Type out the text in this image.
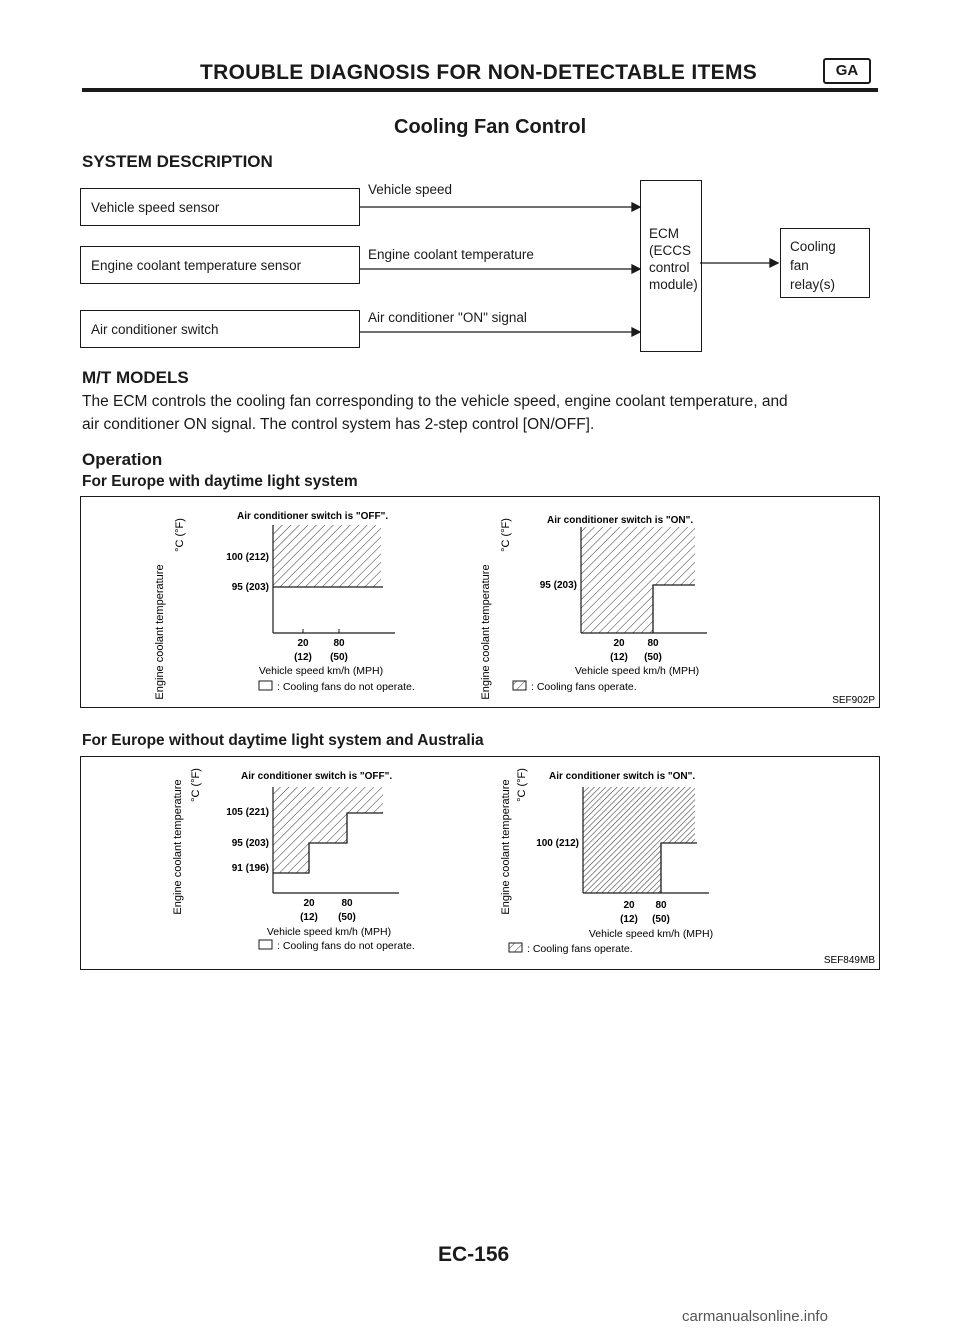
TROUBLE DIAGNOSIS FOR NON-DETECTABLE ITEMS	GA
Cooling Fan Control
SYSTEM DESCRIPTION
Vehicle speed sensor
Engine coolant temperature sensor
Air conditioner switch
Vehicle speed
Engine coolant temperature
Air conditioner "ON" signal
ECM
(ECCS
control
module)
Cooling
fan
relay(s)
M/T MODELS
The ECM controls the cooling fan corresponding to the vehicle speed, engine coolant temperature, and
air conditioner ON signal. The control system has 2-step control [ON/OFF].
Operation
For Europe with daytime light system
Engine coolant temperature
°C (°F)
Air conditioner switch is "OFF".
100 (212)
95 (203)
20 80
(12) (50)
Vehicle speed km/h (MPH)
: Cooling fans do not operate.	Engine coolant temperature
°C (°F)	Air conditioner switch is "ON".
95 (203)
20 80
(12) (50)
Vehicle speed km/h (MPH)
: Cooling fans operate.
SEF902P
For Europe without daytime light system and Australia
Engine coolant temperature °C (°F)	Air conditioner switch is "OFF".
105 (221)
95 (203)
91 (196)
20	80
(12) (50)
Vehicle speed km/h (MPH)
: Cooling fans do not operate.
Engine coolant temperature °C (°F) Air conditioner switch is "ON".
100 (212)
20 80
(12) (50)
Vehicle speed km/h (MPH)
: Cooling fans operate.
SEF849MB
EC-156
carmanualsonline.info
